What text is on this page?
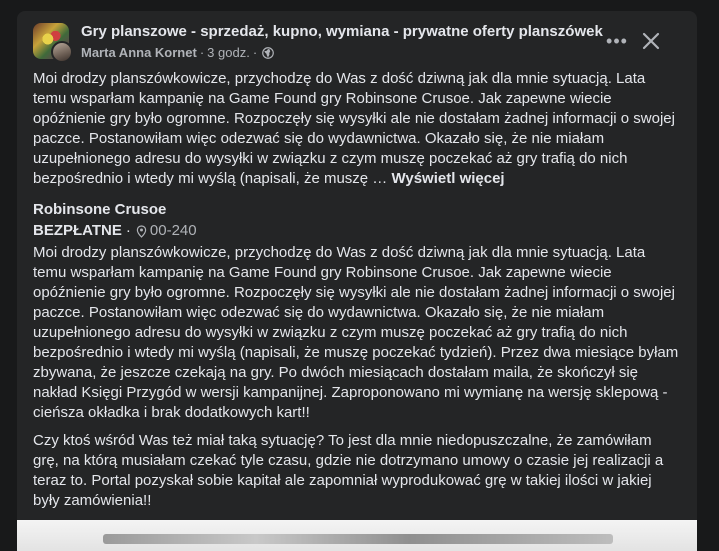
Gry planszowe - sprzedaż, kupno, wymiana - prywatne oferty planszówek
Marta Anna Kornet · 3 godz. ·
•••

Moi drodzy planszówkowicze, przychodzę do Was z dość dziwną jak dla mnie sytuacją. Lata temu wsparłam kampanię na Game Found gry Robinsone Crusoe. Jak zapewne wiecie opóźnienie gry było ogromne. Rozpoczęły się wysyłki ale nie dostałam żadnej informacji o swojej paczce. Postanowiłam więc odezwać się do wydawnictwa. Okazało się, że nie miałam uzupełnionego adresu do wysyłki w związku z czym muszę poczekać aż gry trafią do nich bezpośrednio i wtedy mi wyślą (napisali, że muszę … Wyświetl więcej

Robinsone Crusoe
BEZPŁATNE · 00-240

Moi drodzy planszówkowicze, przychodzę do Was z dość dziwną jak dla mnie sytuacją. Lata temu wsparłam kampanię na Game Found gry Robinsone Crusoe. Jak zapewne wiecie opóźnienie gry było ogromne. Rozpoczęły się wysyłki ale nie dostałam żadnej informacji o swojej paczce. Postanowiłam więc odezwać się do wydawnictwa. Okazało się, że nie miałam uzupełnionego adresu do wysyłki w związku z czym muszę poczekać aż gry trafią do nich bezpośrednio i wtedy mi wyślą (napisali, że muszę poczekać tydzień). Przez dwa miesiące byłam zbywana, że jeszcze czekają na gry. Po dwóch miesiącach dostałam maila, że skończył się nakład Księgi Przygód w wersji kampanijnej. Zaproponowano mi wymianę na wersję sklepową - cieńsza okładka i brak dodatkowych kart!!

Czy ktoś wśród Was też miał taką sytuację? To jest dla mnie niedopuszczalne, że zamówiłam grę, na którą musiałam czekać tyle czasu, gdzie nie dotrzymano umowy o czasie jej realizacji a teraz to. Portal pozyskał sobie kapitał ale zapomniał wyprodukować grę w takiej ilości w jakiej były zamówienia!!
